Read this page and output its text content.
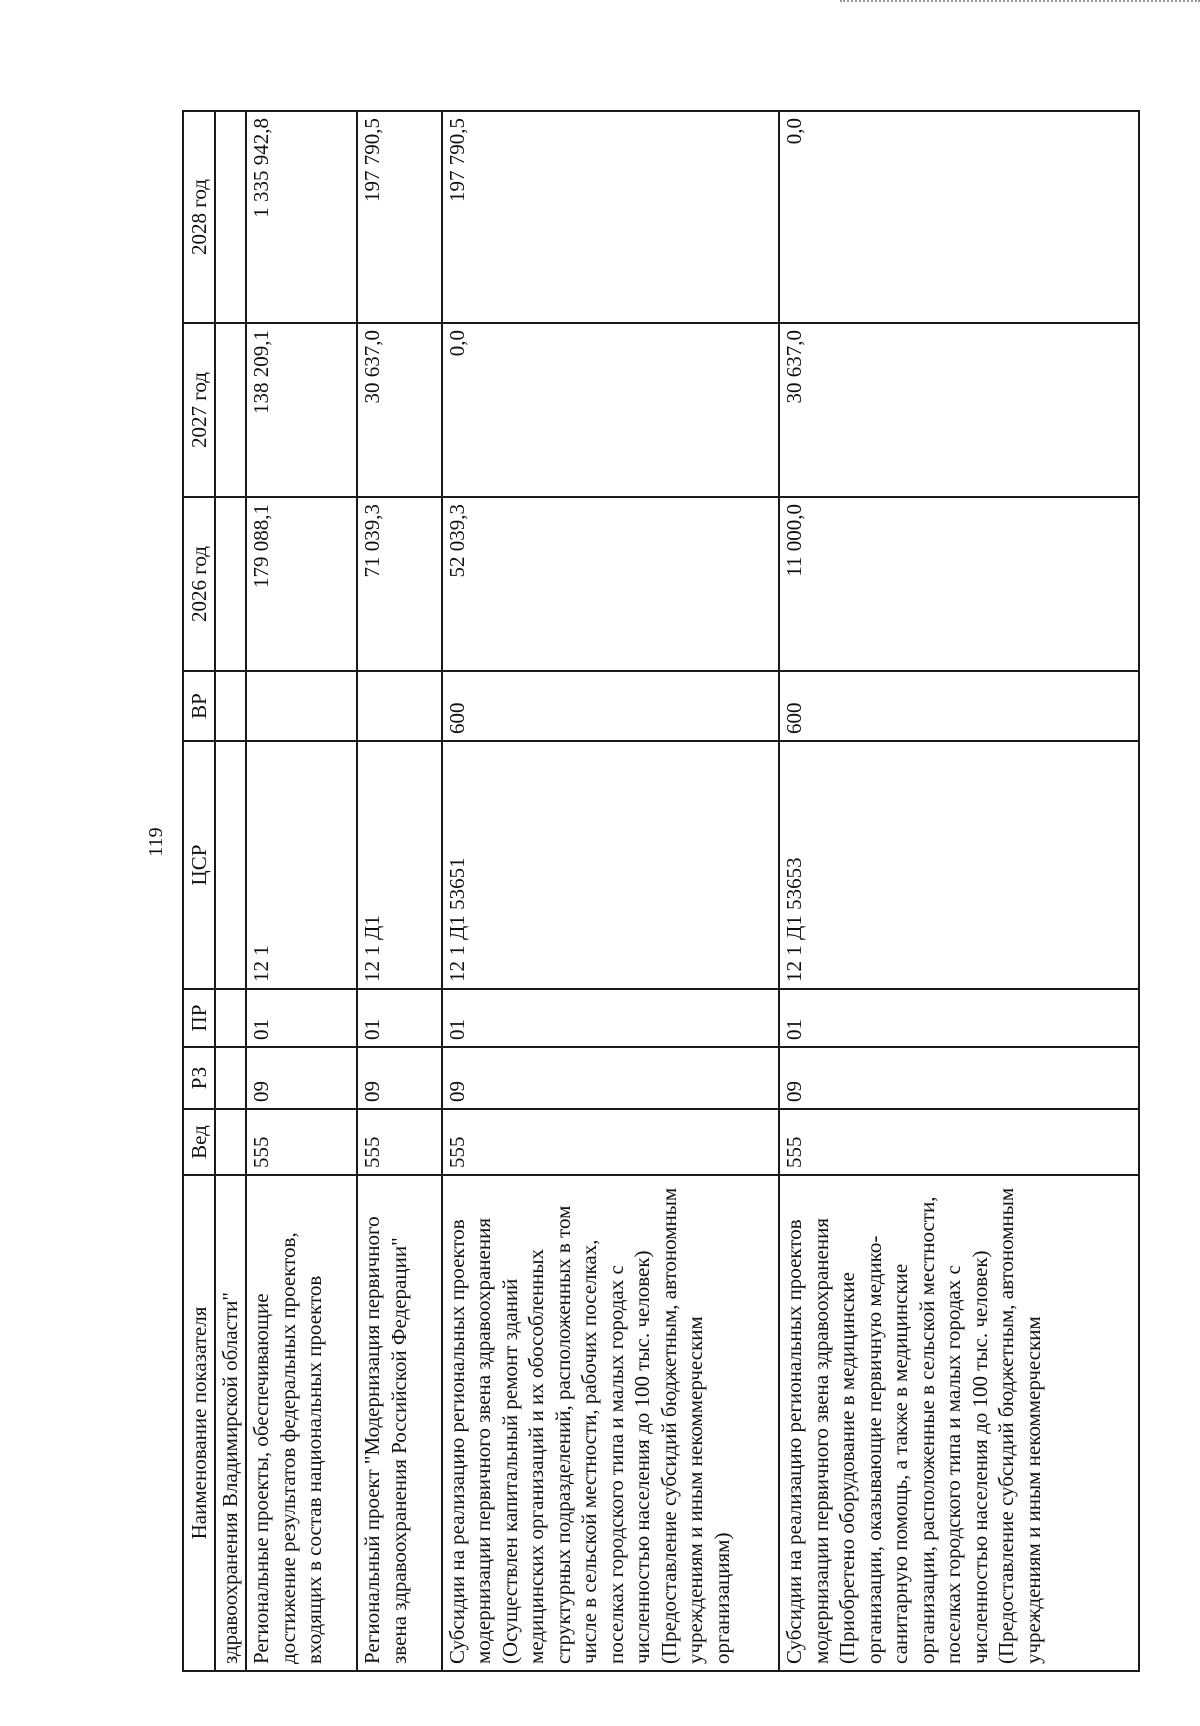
119
Наименование показателя	Вед	РЗ	ПР	ЦСР	ВР	2026 год	2027 год	2028 год
здравоохранения Владимирской области"								
Региональные проекты, обеспечивающие достижение результатов федеральных проектов, входящих в состав национальных проектов	555	09	01	12 1		179 088,1	138 209,1	1 335 942,8
Региональный проект "Модернизация первичного звена здравоохранения Российской Федерации"	555	09	01	12 1 Д1		71 039,3	30 637,0	197 790,5
Субсидии на реализацию региональных проектов модернизации первичного звена здравоохранения (Осуществлен капитальный ремонт зданий медицинских организаций и их обособленных структурных подразделений, расположенных в том числе в сельской местности, рабочих поселках, поселках городского типа и малых городах с численностью населения до 100 тыс. человек) (Предоставление субсидий бюджетным, автономным учреждениям и иным некоммерческим организациям)	555	09	01	12 1 Д1 53651	600	52 039,3	0,0	197 790,5
Субсидии на реализацию региональных проектов модернизации первичного звена здравоохранения (Приобретено оборудование в медицинские организации, оказывающие первичную медико-санитарную помощь, а также в медицинские организации, расположенные в сельской местности, поселках городского типа и малых городах с численностью населения до 100 тыс. человек) (Предоставление субсидий бюджетным, автономным учреждениям и иным некоммерческим	555	09	01	12 1 Д1 53653	600	11 000,0	30 637,0	0,0
